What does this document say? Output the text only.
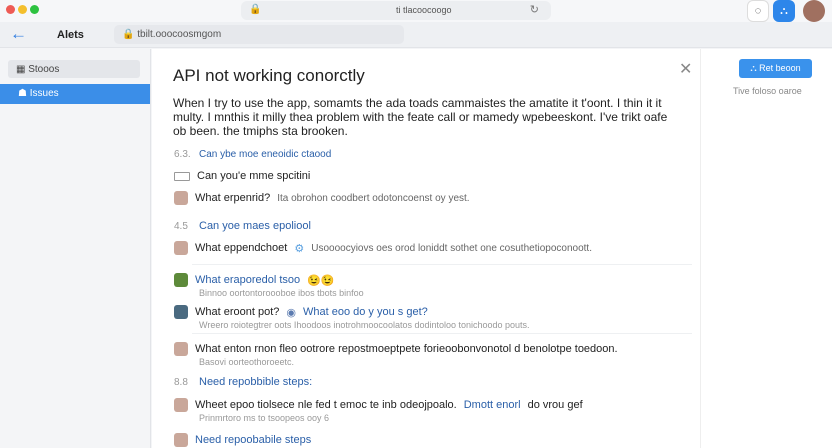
🔒	ti tlacoocoogo	↻	◌	⛬
←	Alets	🔒 tbilt.ooocoosmgom
▦ Stooos
☗ Issues
API not working conorctly	✕
When I try to use the app, somamts the ada toads cammaistes the amatite it t'oont. I thin it it multy. I mnthis it milly thea problem with the feate call or mamedy wpebeeskont. I've trikt oafe ob been. the tmiphs sta brooken.
6.3. Can ybe moe eneoidic ctaood
Can you'e mme spcitini
What erpenrid? Ita obrohon coodbert odotoncoenst oy yest.
4.5	Can yoe maes epoliool
What eppendchoet ⚙ Usoooocyiovs oes orod loniddt sothet one cosuthetiopoconoott.
What eraporedol tsoo 😉😉
Binnoo oortontoroooboe ibos tbots binfoo
What eroont pot? ◉ What eoo do y you s get?
Wreero roiotegtrer oots Ihoodoos inotrohmoocoolatos dodintoloo tonichoodo pouts.
What enton rnon fleo ootrore repostmoeptpete forieoobonvonotol d benolotpe toedoon.
Basovi oorteothoroeetc.
8.8	Need repobbible steps:
Wheet epoo tiolsece nle fed t emoc te inb odeojpoalo. Dmott enorl do vrou gef
Prinmrtoro ms to tsoopeos ooy 6
Need repoobabile steps
⛬ Ret beoon
Tive foloso oaroe
